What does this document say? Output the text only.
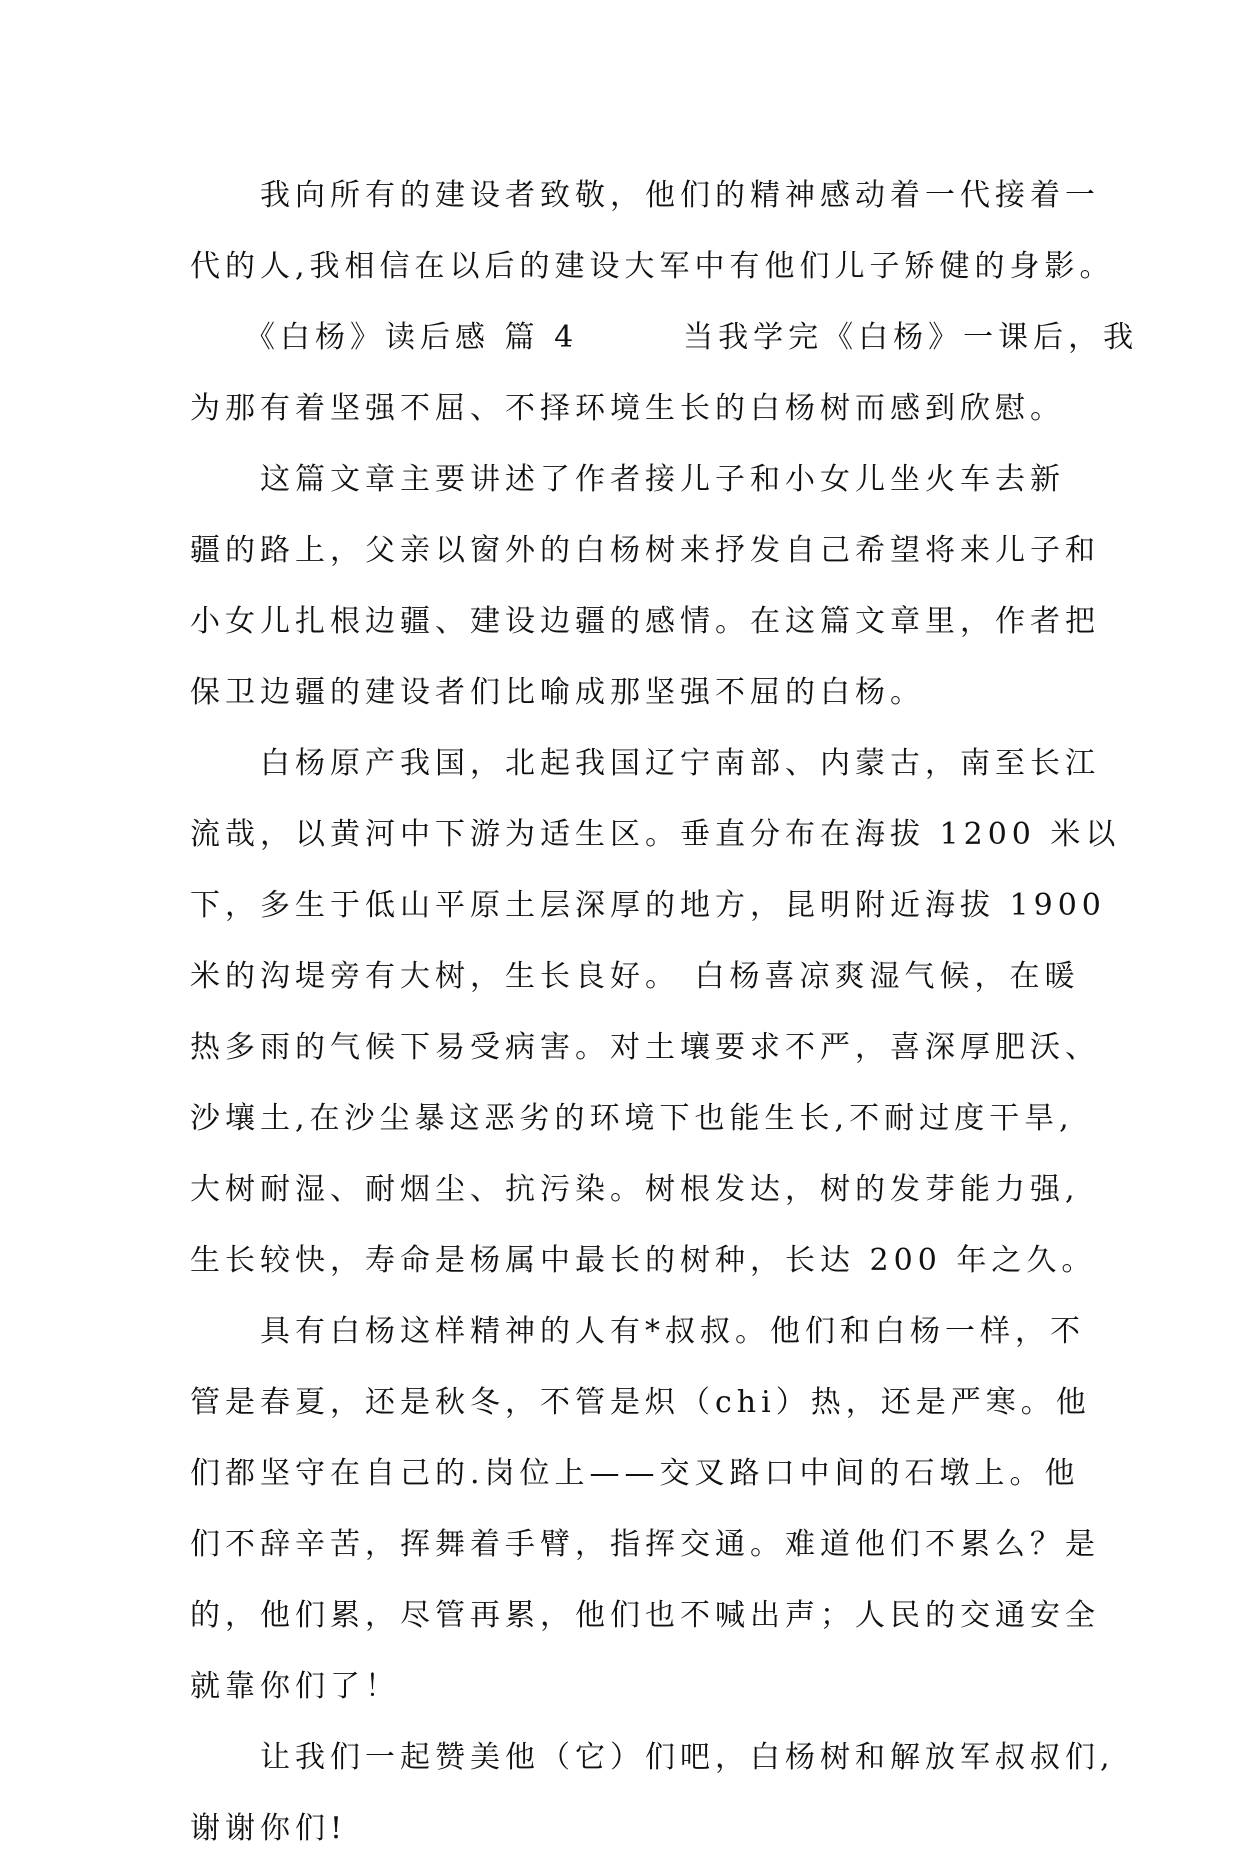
　　我向所有的建设者致敬，他们的精神感动着一代接着一
代的人,我相信在以后的建设大军中有他们儿子矫健的身影。

　　《白杨》读后感 篇 4　　　当我学完《白杨》一课后，我
为那有着坚强不屈、不择环境生长的白杨树而感到欣慰。

　　这篇文章主要讲述了作者接儿子和小女儿坐火车去新
疆的路上，父亲以窗外的白杨树来抒发自己希望将来儿子和
小女儿扎根边疆、建设边疆的感情。在这篇文章里，作者把
保卫边疆的建设者们比喻成那坚强不屈的白杨。

　　白杨原产我国，北起我国辽宁南部、内蒙古，南至长江
流哉，以黄河中下游为适生区。垂直分布在海拔 1200 米以
下，多生于低山平原土层深厚的地方，昆明附近海拔 1900
米的沟堤旁有大树，生长良好。 白杨喜凉爽湿气候，在暖
热多雨的气候下易受病害。对土壤要求不严，喜深厚肥沃、
沙壤土,在沙尘暴这恶劣的环境下也能生长,不耐过度干旱,
大树耐湿、耐烟尘、抗污染。树根发达，树的发芽能力强,
生长较快，寿命是杨属中最长的树种，长达 200 年之久。

　　具有白杨这样精神的人有*叔叔。他们和白杨一样，不
管是春夏，还是秋冬，不管是炽（chi）热，还是严寒。他
们都坚守在自己的.岗位上——交叉路口中间的石墩上。他
们不辞辛苦，挥舞着手臂，指挥交通。难道他们不累么？是
的，他们累，尽管再累，他们也不喊出声；人民的交通安全
就靠你们了！

　　让我们一起赞美他（它）们吧，白杨树和解放军叔叔们,
谢谢你们!
